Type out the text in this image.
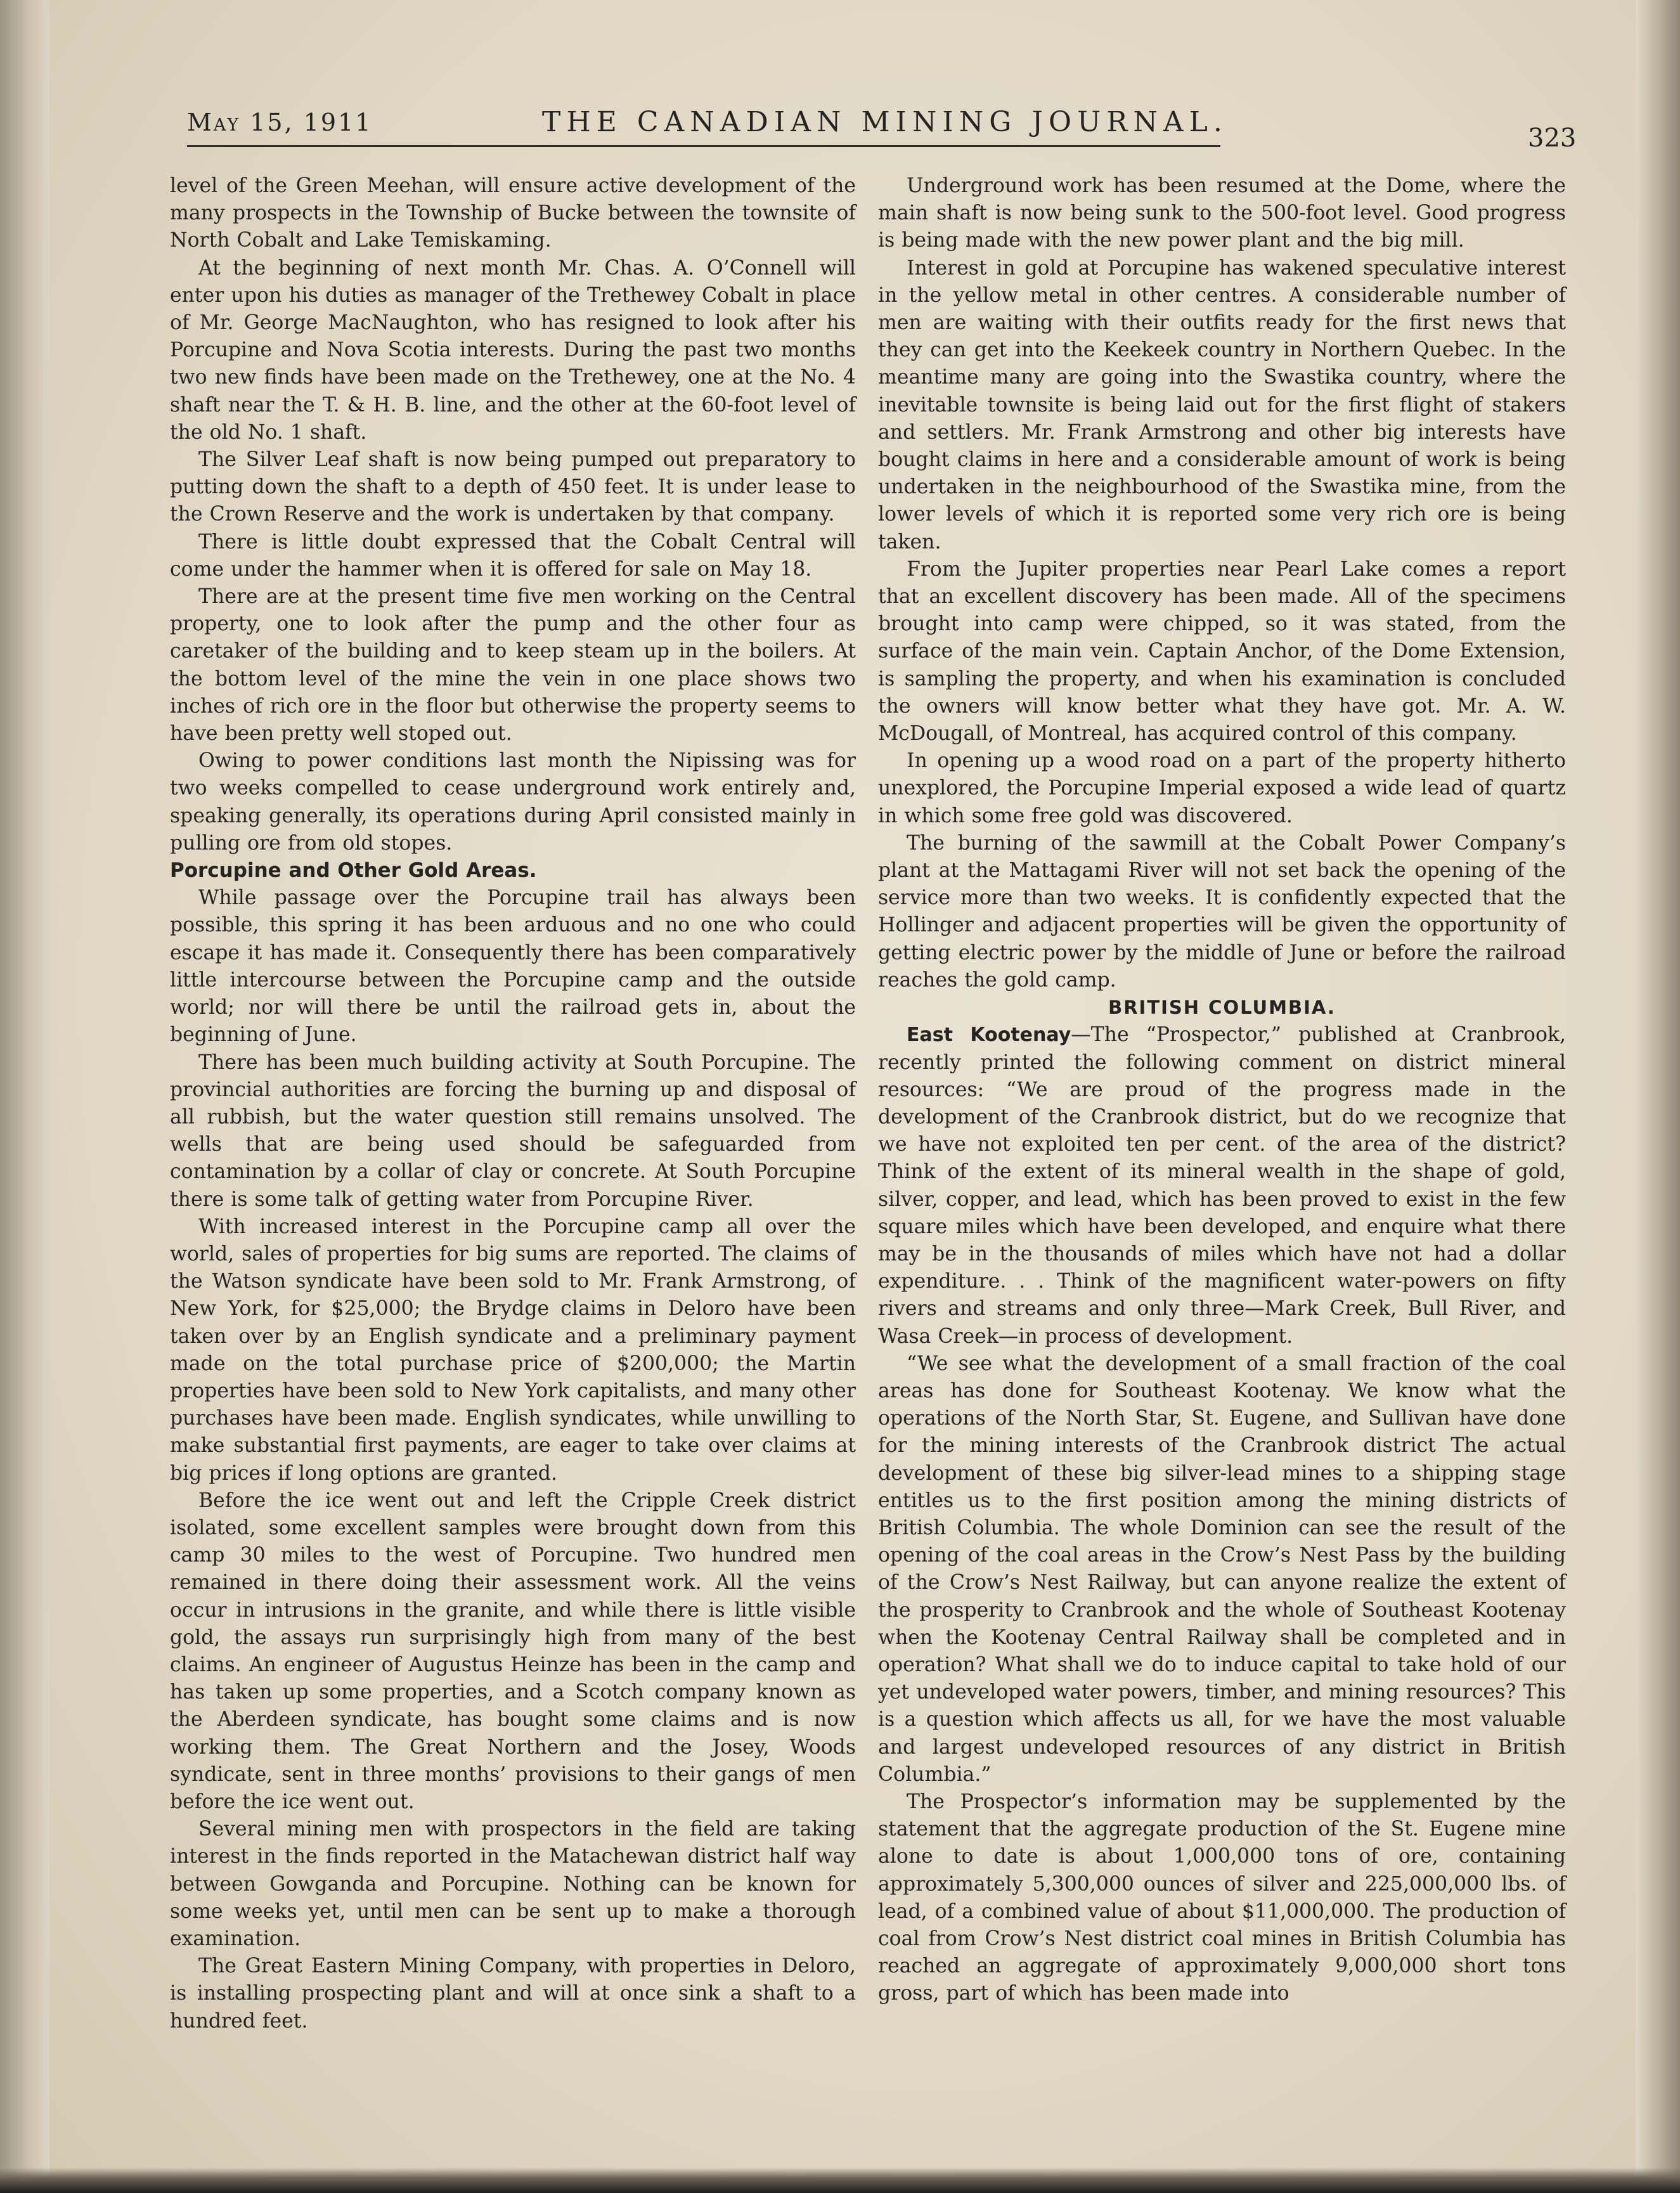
May 15, 1911	THE CANADIAN MINING JOURNAL.	323

level of the Green Meehan, will ensure active development of the many prospects in the Township of Bucke between the townsite of North Cobalt and Lake Temiskaming.

At the beginning of next month Mr. Chas. A. O’Connell will enter upon his duties as manager of the Trethewey Cobalt in place of Mr. George MacNaughton, who has resigned to look after his Porcupine and Nova Scotia interests. During the past two months two new finds have been made on the Trethewey, one at the No. 4 shaft near the T. & H. B. line, and the other at the 60-foot level of the old No. 1 shaft.

The Silver Leaf shaft is now being pumped out preparatory to putting down the shaft to a depth of 450 feet. It is under lease to the Crown Reserve and the work is undertaken by that company.

There is little doubt expressed that the Cobalt Central will come under the hammer when it is offered for sale on May 18.

There are at the present time five men working on the Central property, one to look after the pump and the other four as caretaker of the building and to keep steam up in the boilers. At the bottom level of the mine the vein in one place shows two inches of rich ore in the floor but otherwise the property seems to have been pretty well stoped out.

Owing to power conditions last month the Nipissing was for two weeks compelled to cease underground work entirely and, speaking generally, its operations during April consisted mainly in pulling ore from old stopes.

Porcupine and Other Gold Areas.

While passage over the Porcupine trail has always been possible, this spring it has been arduous and no one who could escape it has made it. Consequently there has been comparatively little intercourse between the Porcupine camp and the outside world; nor will there be until the railroad gets in, about the beginning of June.

There has been much building activity at South Porcupine. The provincial authorities are forcing the burning up and disposal of all rubbish, but the water question still remains unsolved. The wells that are being used should be safeguarded from contamination by a collar of clay or concrete. At South Porcupine there is some talk of getting water from Porcupine River.

With increased interest in the Porcupine camp all over the world, sales of properties for big sums are reported. The claims of the Watson syndicate have been sold to Mr. Frank Armstrong, of New York, for $25,000; the Brydge claims in Deloro have been taken over by an English syndicate and a preliminary payment made on the total purchase price of $200,000; the Martin properties have been sold to New York capitalists, and many other purchases have been made. English syndicates, while unwilling to make substantial first payments, are eager to take over claims at big prices if long options are granted.

Before the ice went out and left the Cripple Creek district isolated, some excellent samples were brought down from this camp 30 miles to the west of Porcupine. Two hundred men remained in there doing their assessment work. All the veins occur in intrusions in the granite, and while there is little visible gold, the assays run surprisingly high from many of the best claims. An engineer of Augustus Heinze has been in the camp and has taken up some properties, and a Scotch company known as the Aberdeen syndicate, has bought some claims and is now working them. The Great Northern and the Josey, Woods syndicate, sent in three months’ provisions to their gangs of men before the ice went out.

Several mining men with prospectors in the field are taking interest in the finds reported in the Matachewan district half way between Gowganda and Porcupine. Nothing can be known for some weeks yet, until men can be sent up to make a thorough examination.

The Great Eastern Mining Company, with properties in Deloro, is installing prospecting plant and will at once sink a shaft to a hundred feet.

Underground work has been resumed at the Dome, where the main shaft is now being sunk to the 500-foot level. Good progress is being made with the new power plant and the big mill.

Interest in gold at Porcupine has wakened speculative interest in the yellow metal in other centres. A considerable number of men are waiting with their outfits ready for the first news that they can get into the Keekeek country in Northern Quebec. In the meantime many are going into the Swastika country, where the inevitable townsite is being laid out for the first flight of stakers and settlers. Mr. Frank Armstrong and other big interests have bought claims in here and a considerable amount of work is being undertaken in the neighbourhood of the Swastika mine, from the lower levels of which it is reported some very rich ore is being taken.

From the Jupiter properties near Pearl Lake comes a report that an excellent discovery has been made. All of the specimens brought into camp were chipped, so it was stated, from the surface of the main vein. Captain Anchor, of the Dome Extension, is sampling the property, and when his examination is concluded the owners will know better what they have got. Mr. A. W. McDougall, of Montreal, has acquired control of this company.

In opening up a wood road on a part of the property hitherto unexplored, the Porcupine Imperial exposed a wide lead of quartz in which some free gold was discovered.

The burning of the sawmill at the Cobalt Power Company’s plant at the Mattagami River will not set back the opening of the service more than two weeks. It is confidently expected that the Hollinger and adjacent properties will be given the opportunity of getting electric power by the middle of June or before the railroad reaches the gold camp.

BRITISH COLUMBIA.

East Kootenay—The “Prospector,” published at Cranbrook, recently printed the following comment on district mineral resources: “We are proud of the progress made in the development of the Cranbrook district, but do we recognize that we have not exploited ten per cent. of the area of the district? Think of the extent of its mineral wealth in the shape of gold, silver, copper, and lead, which has been proved to exist in the few square miles which have been developed, and enquire what there may be in the thousands of miles which have not had a dollar expenditure. . . Think of the magnificent water-powers on fifty rivers and streams and only three—Mark Creek, Bull River, and Wasa Creek—in process of development.

“We see what the development of a small fraction of the coal areas has done for Southeast Kootenay. We know what the operations of the North Star, St. Eugene, and Sullivan have done for the mining interests of the Cranbrook district The actual development of these big silver-lead mines to a shipping stage entitles us to the first position among the mining districts of British Columbia. The whole Dominion can see the result of the opening of the coal areas in the Crow’s Nest Pass by the building of the Crow’s Nest Railway, but can anyone realize the extent of the prosperity to Cranbrook and the whole of Southeast Kootenay when the Kootenay Central Railway shall be completed and in operation? What shall we do to induce capital to take hold of our yet undeveloped water powers, timber, and mining resources? This is a question which affects us all, for we have the most valuable and largest undeveloped resources of any district in British Columbia.”

The Prospector’s information may be supplemented by the statement that the aggregate production of the St. Eugene mine alone to date is about 1,000,000 tons of ore, containing approximately 5,300,000 ounces of silver and 225,000,000 lbs. of lead, of a combined value of about $11,000,000. The production of coal from Crow’s Nest district coal mines in British Columbia has reached an aggregate of approximately 9,000,000 short tons gross, part of which has been made into
